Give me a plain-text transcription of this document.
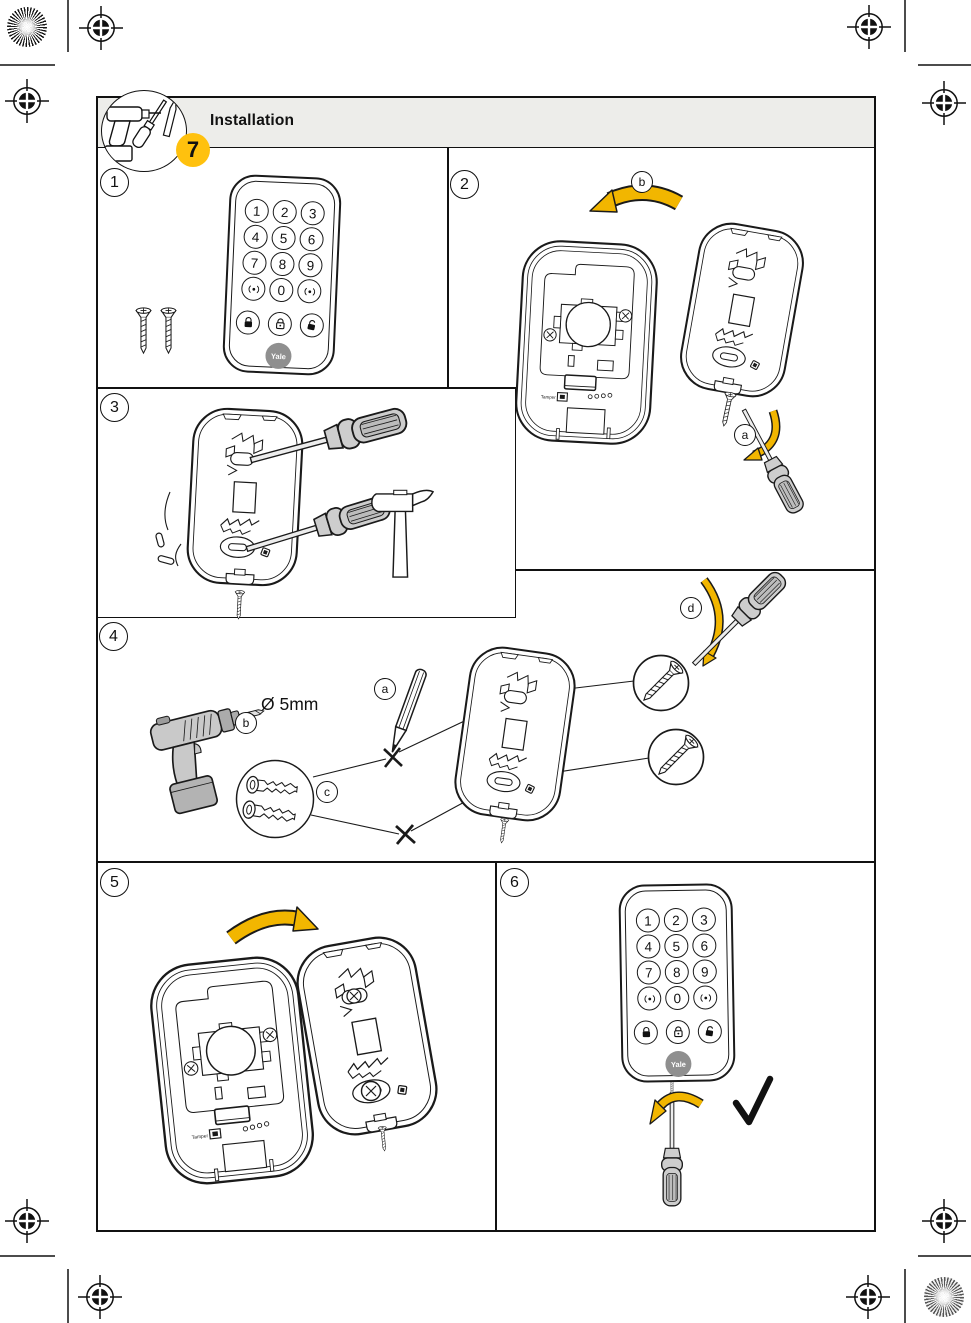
Installation
7
1	2
3
4
5	6
b
a
a
b
c
d
Ø 5mm
Tamper
1	2	3
4	5	6
7	8	9
0
Yale
1	2	3
4	5	6
7	8	9
0
Yale
